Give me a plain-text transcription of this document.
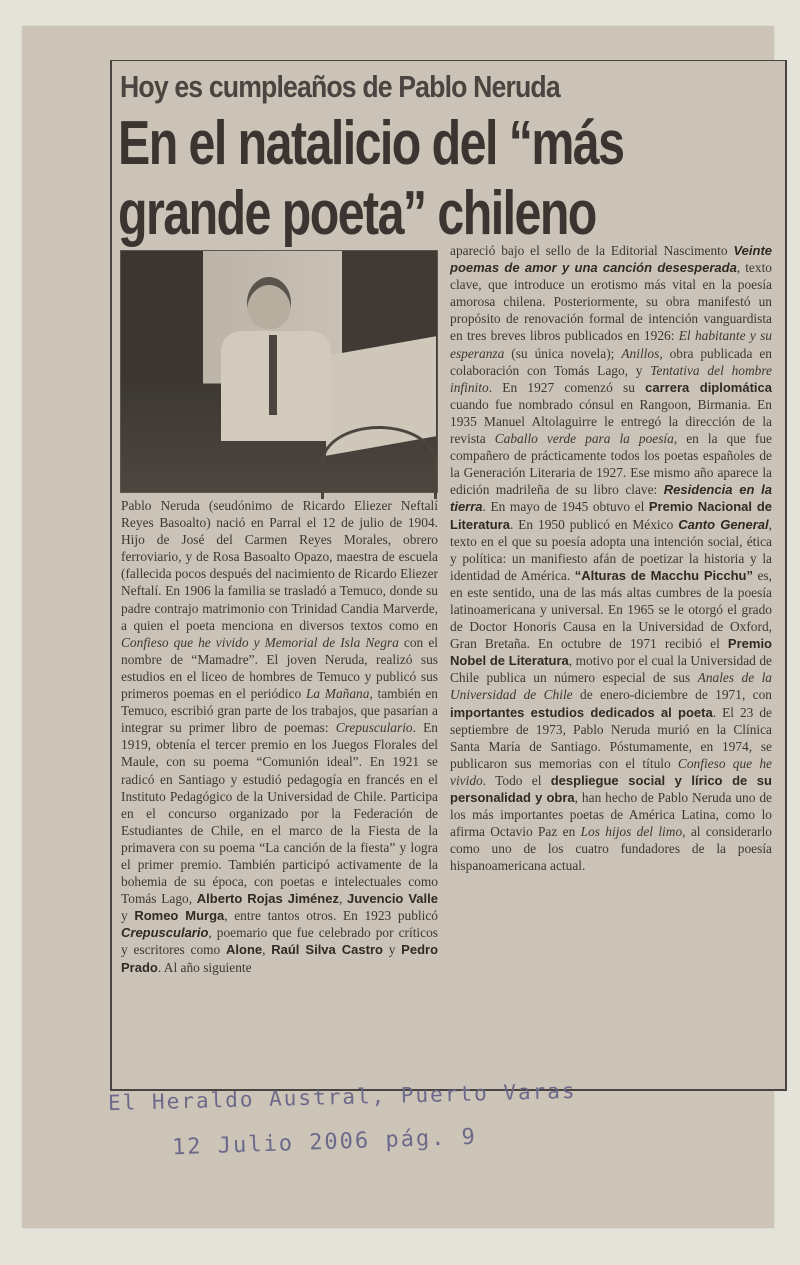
Hoy es cumpleaños de Pablo Neruda
En el natalicio del “más
grande poeta” chileno

Pablo Neruda (seudónimo de Ricardo Eliezer Neftalí Reyes Basoalto) nació en Parral el 12 de julio de 1904. Hijo de José del Carmen Reyes Morales, obrero ferroviario, y de Rosa Basoalto Opazo, maestra de escuela (fallecida pocos después del nacimiento de Ricardo Eliezer Neftalí. En 1906 la familia se trasladó a Temuco, donde su padre contrajo matrimonio con Trinidad Candia Marverde, a quien el poeta menciona en diversos textos como en Confieso que he vivido y Memorial de Isla Negra con el nombre de “Mamadre”. El joven Neruda, realizó sus estudios en el liceo de hombres de Temuco y publicó sus primeros poemas en el periódico La Mañana, también en Temuco, escribió gran parte de los trabajos, que pasarían a integrar su primer libro de poemas: Crepusculario. En 1919, obtenía el tercer premio en los Juegos Florales del Maule, con su poema “Comunión ideal”. En 1921 se radicó en Santiago y estudió pedagogía en francés en el Instituto Pedagógico de la Universidad de Chile. Participa en el concurso organizado por la Federación de Estudiantes de Chile, en el marco de la Fiesta de la primavera con su poema “La canción de la fiesta” y logra el primer premio. También participó activamente de la bohemia de su época, con poetas e intelectuales como Tomás Lago, Alberto Rojas Jiménez, Juvencio Valle y Romeo Murga, entre tantos otros. En 1923 publicó Crepusculario, poemario que fue celebrado por críticos y escritores como Alone, Raúl Silva Castro y Pedro Prado. Al año siguiente

apareció bajo el sello de la Editorial Nascimento Veinte poemas de amor y una canción desesperada, texto clave, que introduce un erotismo más vital en la poesía amorosa chilena. Posteriormente, su obra manifestó un propósito de renovación formal de intención vanguardista en tres breves libros publicados en 1926: El habitante y su esperanza (su única novela); Anillos, obra publicada en colaboración con Tomás Lago, y Tentativa del hombre infinito. En 1927 comenzó su carrera diplomática cuando fue nombrado cónsul en Rangoon, Birmania. En 1935 Manuel Altolaguirre le entregó la dirección de la revista Caballo verde para la poesía, en la que fue compañero de prácticamente todos los poetas españoles de la Generación Literaria de 1927. Ese mismo año aparece la edición madrileña de su libro clave: Residencia en la tierra. En mayo de 1945 obtuvo el Premio Nacional de Literatura. En 1950 publicó en México Canto General, texto en el que su poesía adopta una intención social, ética y política: un manifiesto afán de poetizar la historia y la identidad de América. “Alturas de Macchu Picchu” es, en este sentido, una de las más altas cumbres de la poesía latinoamericana y universal. En 1965 se le otorgó el grado de Doctor Honoris Causa en la Universidad de Oxford, Gran Bretaña. En octubre de 1971 recibió el Premio Nobel de Literatura, motivo por el cual la Universidad de Chile publica un número especial de sus Anales de la Universidad de Chile de enero-diciembre de 1971, con importantes estudios dedicados al poeta. El 23 de septiembre de 1973, Pablo Neruda murió en la Clínica Santa María de Santiago. Póstumamente, en 1974, se publicaron sus memorias con el título Confieso que he vivido. Todo el despliegue social y lírico de su personalidad y obra, han hecho de Pablo Neruda uno de los más importantes poetas de América Latina, como lo afirma Octavio Paz en Los hijos del limo, al considerarlo como uno de los cuatro fundadores de la poesía hispanoamericana actual.

El Heraldo Austral, Puerto Varas
12 Julio 2006 pág. 9
